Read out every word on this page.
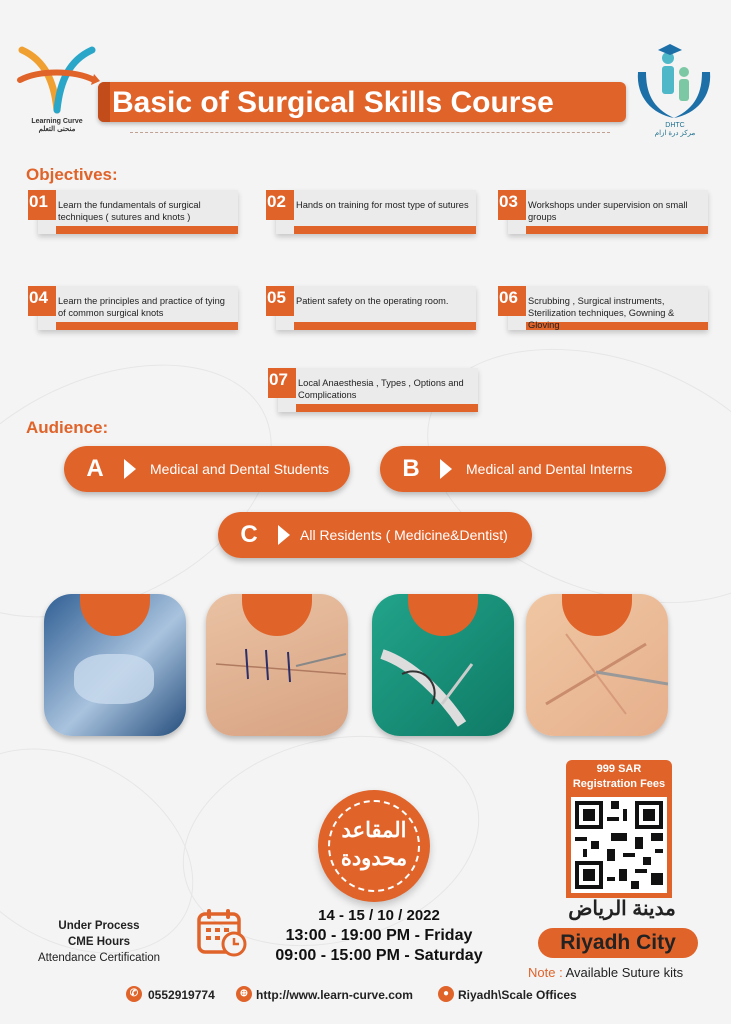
Learning Curve
منحنى التعلم
DHTC
مركز درة ازام
Basic of Surgical Skills Course
Objectives:
01 Learn the fundamentals of surgical techniques ( sutures and knots )
02 Hands on training for most type of sutures 03 Workshops under supervision on small groups
04 Learn the principles and practice of tying of common surgical knots
05 Patient safety on the operating room.	06 Scrubbing , Surgical instruments, Sterilization techniques, Gowning & Gloving
07 Local Anaesthesia , Types , Options and Complications
Audience:
A	Medical and Dental Students	B	Medical and Dental Interns
C	All Residents ( Medicine&Dentist)
المقاعد
محدودة
999 SAR
Registration Fees
مدينة الرياض
Riyadh City
Note : Available Suture kits
Under Process
CME Hours
Attendance Certification
14 - 15 / 10 / 2022
13:00 - 19:00 PM - Friday
09:00 - 15:00 PM - Saturday
✆ 0552919774	⊕ http://www.learn-curve.com	● Riyadh\Scale Offices
